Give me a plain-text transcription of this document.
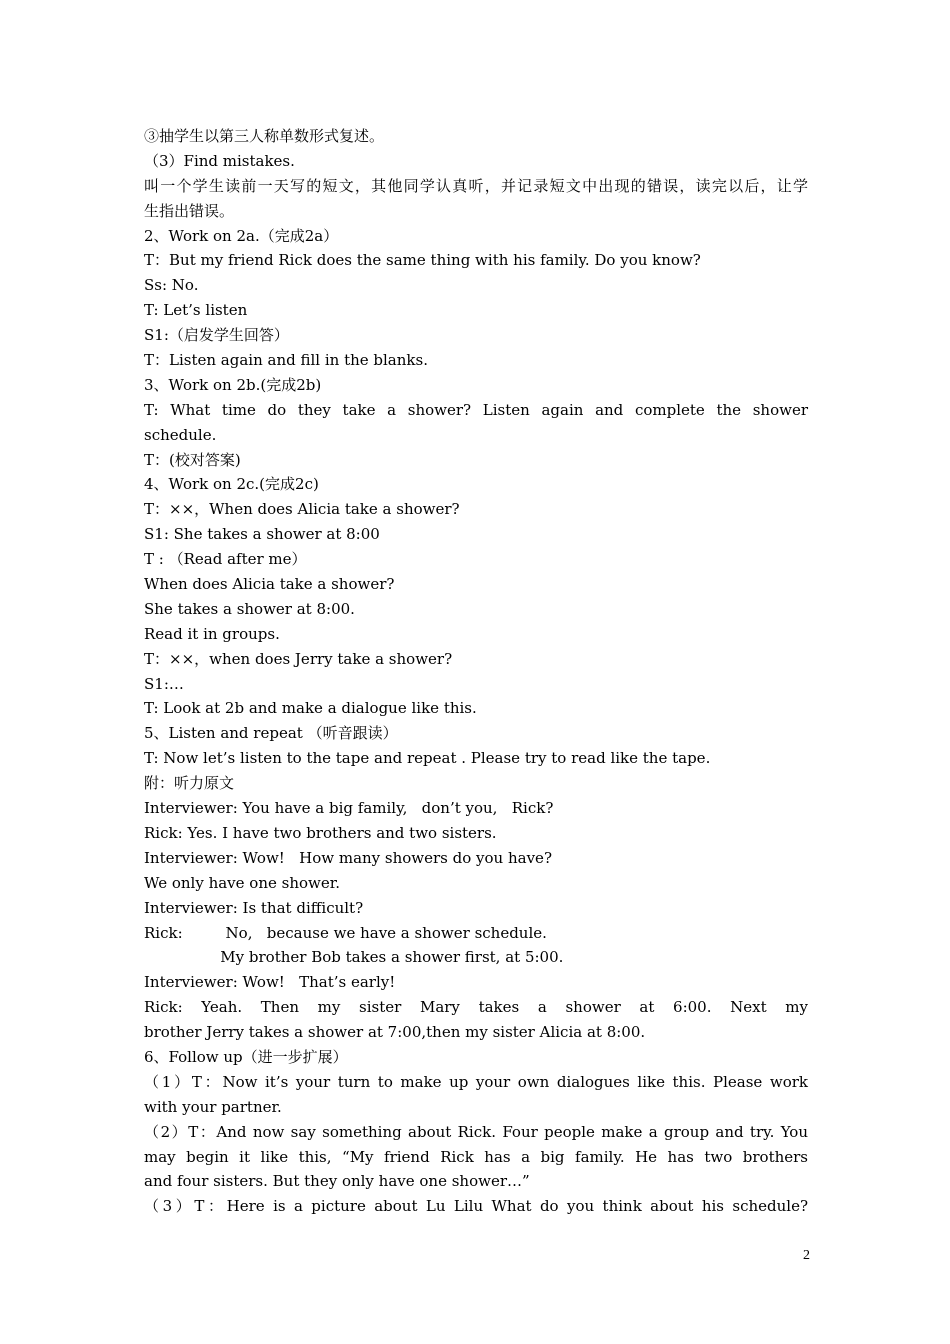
③抽学生以第三人称单数形式复述。
（3）Find mistakes.
叫一个学生读前一天写的短文，其他同学认真听，并记录短文中出现的错误，读完以后，让学
生指出错误。
2、Work on 2a.（完成2a）
T：But my friend Rick does the same thing with his family. Do you know?
Ss: No.
T: Let’s listen
S1:（启发学生回答）
T：Listen again and fill in the blanks.
3、Work on 2b.(完成2b)
T: What time do they take a shower? Listen again and complete the shower
schedule.
T：(校对答案)
4、Work on 2c.(完成2c)
T：××，When does Alicia take a shower?
S1: She takes a shower at 8:00
T : （Read after me）
When does Alicia take a shower?
She takes a shower at 8:00.
Read it in groups.
T：××，when does Jerry take a shower?
S1:…
T: Look at 2b and make a dialogue like this.
5、Listen and repeat （听音跟读）
T: Now let’s listen to the tape and repeat . Please try to read like the tape.
附：听力原文
Interviewer: You have a big family,   don’t you,   Rick?
Rick: Yes. I have two brothers and two sisters.
Interviewer: Wow!   How many showers do you have?
We only have one shower.
Interviewer: Is that difficult?
Rick:         No,   because we have a shower schedule.
My brother Bob takes a shower first, at 5:00.
Interviewer: Wow!   That’s early!
Rick: Yeah. Then my sister Mary takes a shower at 6:00. Next my
brother Jerry takes a shower at 7:00,then my sister Alicia at 8:00.
6、Follow up（进一步扩展）
（1）T：Now it’s your turn to make up your own dialogues like this. Please work
with your partner.
（2）T：And now say something about Rick. Four people make a group and try. You
may begin it like this, “My friend Rick has a big family. He has two brothers
and four sisters. But they only have one shower…”
（3）T：Here is a picture about Lu Lilu What do you think about his schedule?
2
